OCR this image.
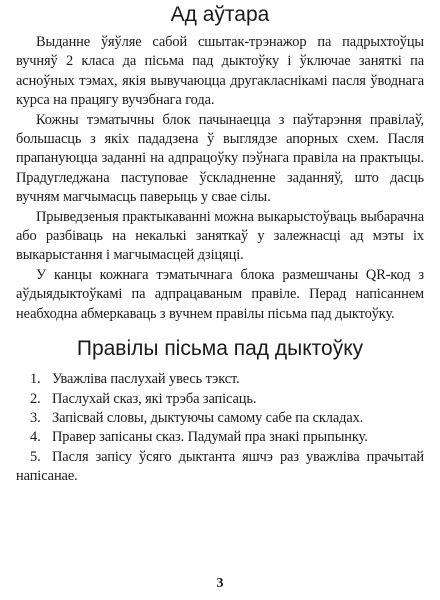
Ад аўтара

Выданне ўяўляе сабой сшытак-трэнажор па падрыхтоўцы вучняў 2 класа да пісьма пад дыктоўку і ўключае заняткі па асноўных тэмах, якія вывучаюцца другакласнікамі пасля ўводнага курса на працягу вучэбнага года.

Кожны тэматычны блок пачынаецца з паўтарэння правілаў, большасць з якіх пададзена ў выглядзе апорных схем. Пасля прапануюцца заданні на адпрацоўку пэўнага правіла на практыцы. Прадугледжана паступовае ўскладненне заданняў, што дасць вучням магчымасць паверыць у свае сілы.

Прыведзеныя практыкаванні можна выкарыстоўваць выбарачна або разбіваць на некалькі заняткаў у залежнасці ад мэты іх выкарыстання і магчымасцей дзіцяці.

У канцы кожнага тэматычнага блока размешчаны QR-код з аўдыядыктоўкамі па адпрацаваным правіле. Перад напісаннем неабходна абмеркаваць з вучнем правілы пісьма пад дыктоўку.

Правілы пісьма пад дыктоўку
1. Уважліва паслухай увесь тэкст.
2. Паслухай сказ, які трэба запісаць.
3. Запісвай словы, дыктуючы самому сабе па складах.
4. Правер запісаны сказ. Падумай пра знакі прыпынку.
5. Пасля запісу ўсяго дыктанта яшчэ раз уважліва прачытай напісанае.
3
